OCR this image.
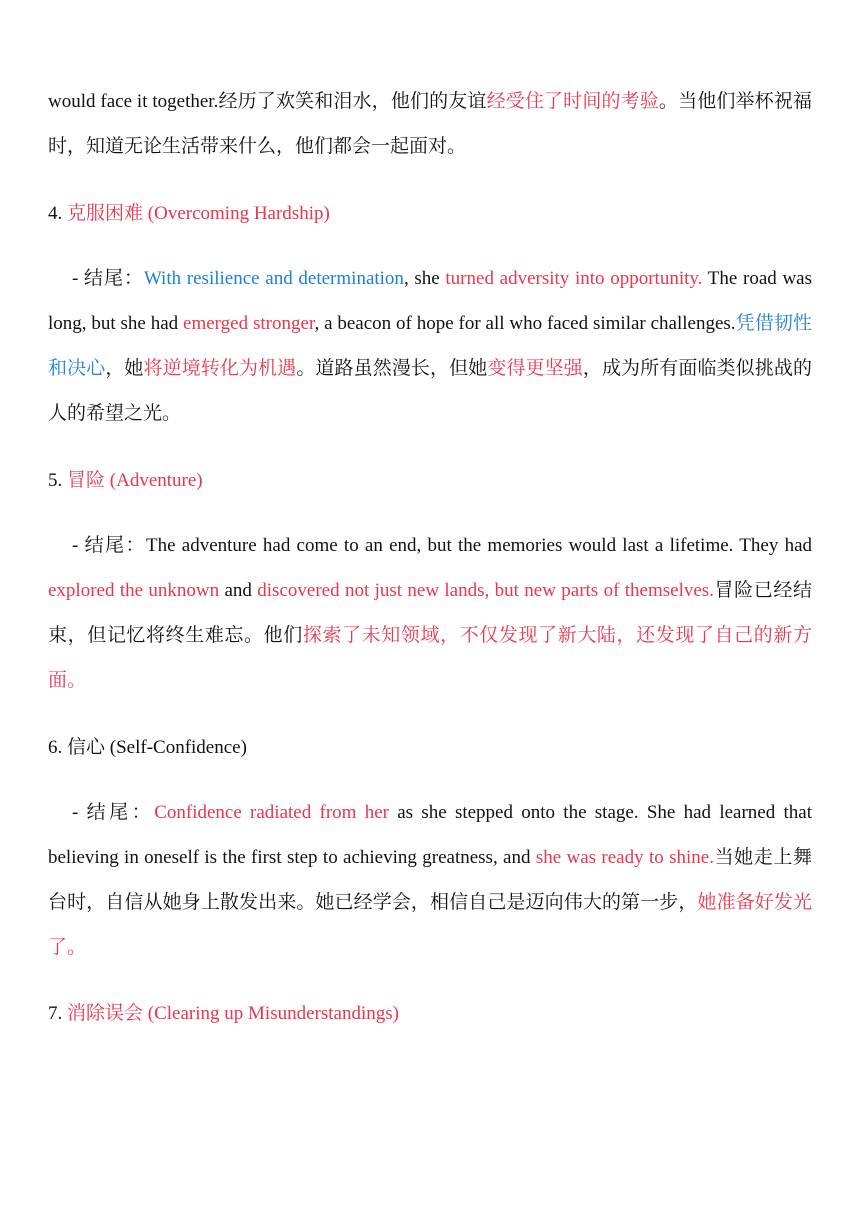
would face it together.经历了欢笑和泪水，他们的友谊经受住了时间的考验。当他们举杯祝福时，知道无论生活带来什么，他们都会一起面对。

4. 克服困难 (Overcoming Hardship)

- 结尾：With resilience and determination, she turned adversity into opportunity. The road was long, but she had emerged stronger, a beacon of hope for all who faced similar challenges.凭借韧性和决心，她将逆境转化为机遇。道路虽然漫长，但她变得更坚强，成为所有面临类似挑战的人的希望之光。

5. 冒险 (Adventure)

- 结尾：The adventure had come to an end, but the memories would last a lifetime. They had explored the unknown and discovered not just new lands, but new parts of themselves.冒险已经结束，但记忆将终生难忘。他们探索了未知领域，不仅发现了新大陆，还发现了自己的新方面。

6. 信心 (Self-Confidence)

- 结尾：Confidence radiated from her as she stepped onto the stage. She had learned that believing in oneself is the first step to achieving greatness, and she was ready to shine.当她走上舞台时，自信从她身上散发出来。她已经学会，相信自己是迈向伟大的第一步，她准备好发光了。

7. 消除误会 (Clearing up Misunderstandings)
